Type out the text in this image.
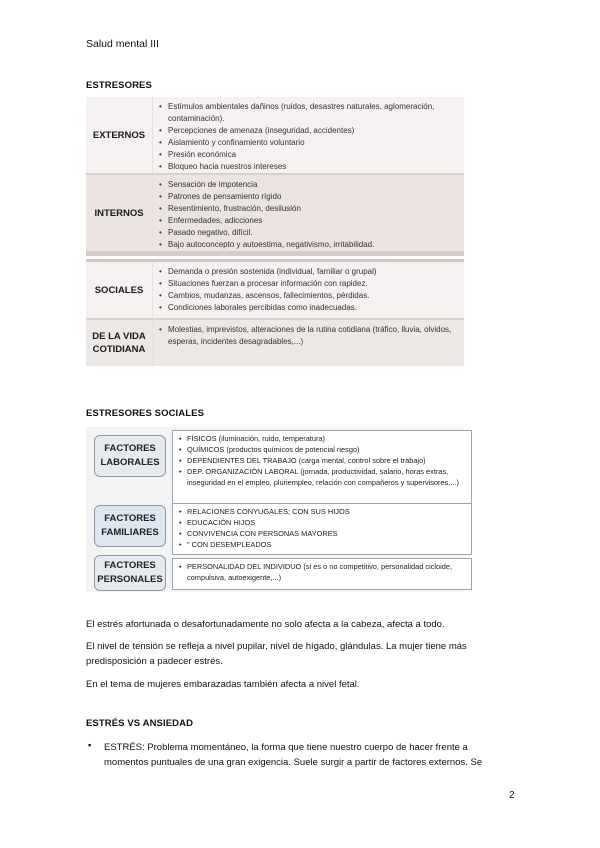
Salud mental III
ESTRESORES
EXTERNOS
• Estímulos ambientales dañinos (ruidos, desastres naturales, aglomeración, contaminación).
• Percepciones de amenaza (inseguridad, accidentes)
• Aislamiento y confinamiento voluntario
• Presión económica
• Bloqueo hacia nuestros intereses
INTERNOS
• Sensación de impotencia
• Patrones de pensamiento rígido
• Resentimiento, frustración, desilusión
• Enfermedades, adicciones
• Pasado negativo, difícil.
• Bajo autoconcepto y autoestima, negativismo, irritabilidad.
SOCIALES
• Demanda o presión sostenida (individual, familiar o grupal)
• Situaciones fuerzan a procesar información con rapidez.
• Cambios, mudanzas, ascensos, fallecimientos, pérdidas.
• Condiciones laborales percibidas como inadecuadas.
DE LA VIDA COTIDIANA
• Molestias, imprevistos, alteraciones de la rutina cotidiana (tráfico, lluvia, olvidos, esperas, incidentes desagradables,...)
ESTRESORES SOCIALES
FACTORES LABORALES
• FÍSICOS (iluminación, ruido, temperatura)
• QUÍMICOS (productos químicos de potencial riesgo)
• DEPENDIENTES DEL TRABAJO (carga mental, control sobre el trabajo)
• DEP. ORGANIZACIÓN LABORAL (jornada, productividad, salario, horas extras, inseguridad en el empleo, pluriempleo, relación con compañeros y supervisores,...)
FACTORES FAMILIARES
• RELACIONES CONYUGALES; CON SUS HIJOS
• EDUCACIÓN HIJOS
• CONVIVENCIA CON PERSONAS MAYORES
• " CON DESEMPLEADOS
FACTORES PERSONALES
• PERSONALIDAD DEL INDIVIDUO (si es o no competitivo, personalidad cicloide, compulsiva, autoexigente,...)
El estrés afortunada o desafortunadamente no solo afecta a la cabeza, afecta a todo.
El nivel de tensión se refleja a nivel pupilar, nivel de hígado, glándulas. La mujer tiene más predisposición a padecer estrés.
En el tema de mujeres embarazadas también afecta a nivel fetal.
ESTRÉS VS ANSIEDAD
▪ ESTRÉS: Problema momentáneo, la forma que tiene nuestro cuerpo de hacer frente a momentos puntuales de una gran exigencia. Suele surgir a partir de factores externos. Se
2
